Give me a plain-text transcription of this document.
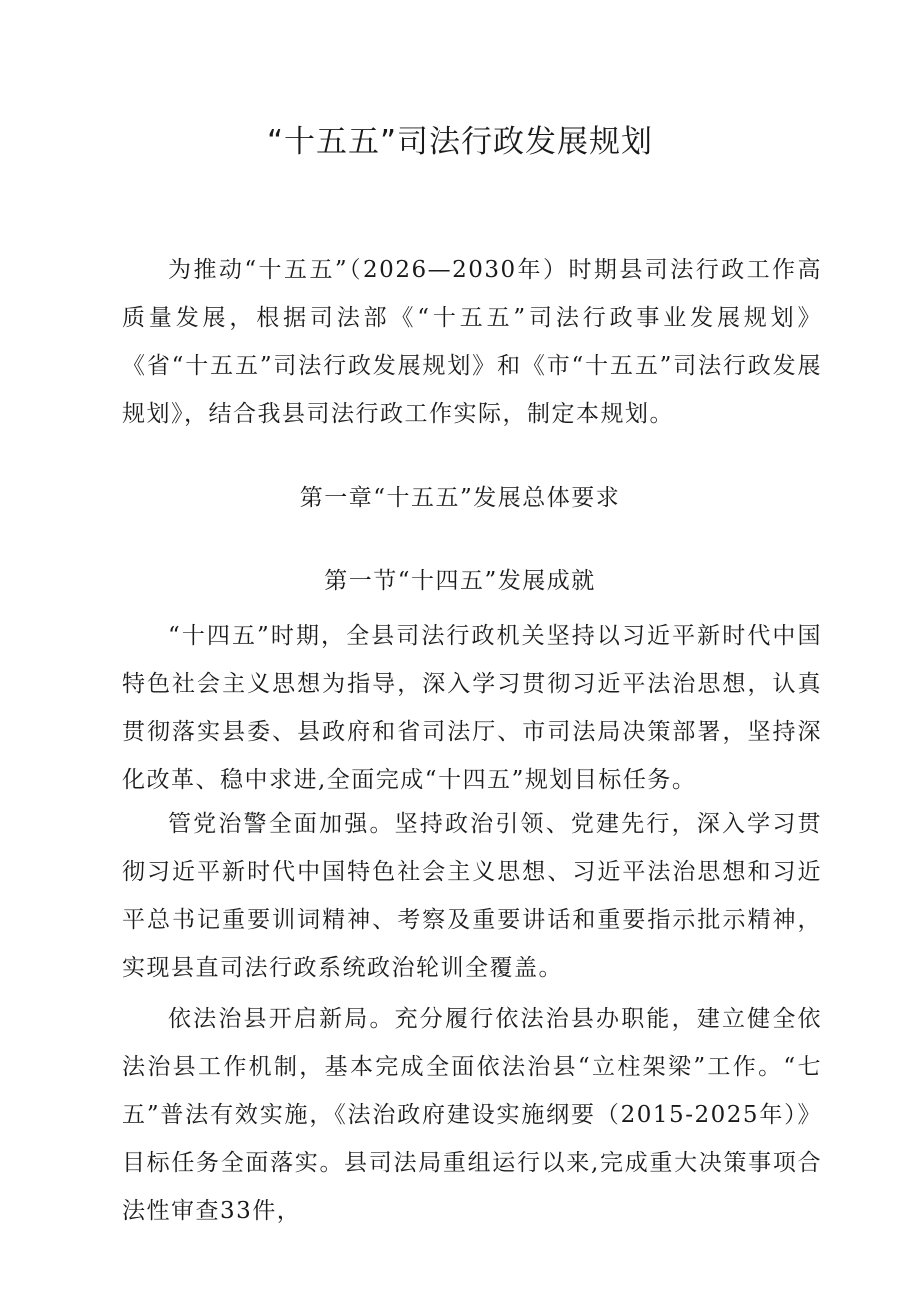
“十五五”司法行政发展规划
为推动“十五五”（2026—2030年）时期县司法行政工作高质量发展，根据司法部《“十五五”司法行政事业发展规划》《省“十五五”司法行政发展规划》和《市“十五五”司法行政发展规划》，结合我县司法行政工作实际，制定本规划。
第一章“十五五”发展总体要求
第一节“十四五”发展成就
“十四五”时期，全县司法行政机关坚持以习近平新时代中国特色社会主义思想为指导，深入学习贯彻习近平法治思想，认真贯彻落实县委、县政府和省司法厅、市司法局决策部署，坚持深化改革、稳中求进,全面完成“十四五”规划目标任务。
管党治警全面加强。坚持政治引领、党建先行，深入学习贯彻习近平新时代中国特色社会主义思想、习近平法治思想和习近平总书记重要训词精神、考察及重要讲话和重要指示批示精神，实现县直司法行政系统政治轮训全覆盖。
依法治县开启新局。充分履行依法治县办职能，建立健全依法治县工作机制，基本完成全面依法治县“立柱架梁”工作。“七五”普法有效实施，《法治政府建设实施纲要（2015-2025年）》目标任务全面落实。县司法局重组运行以来,完成重大决策事项合法性审查33件，
